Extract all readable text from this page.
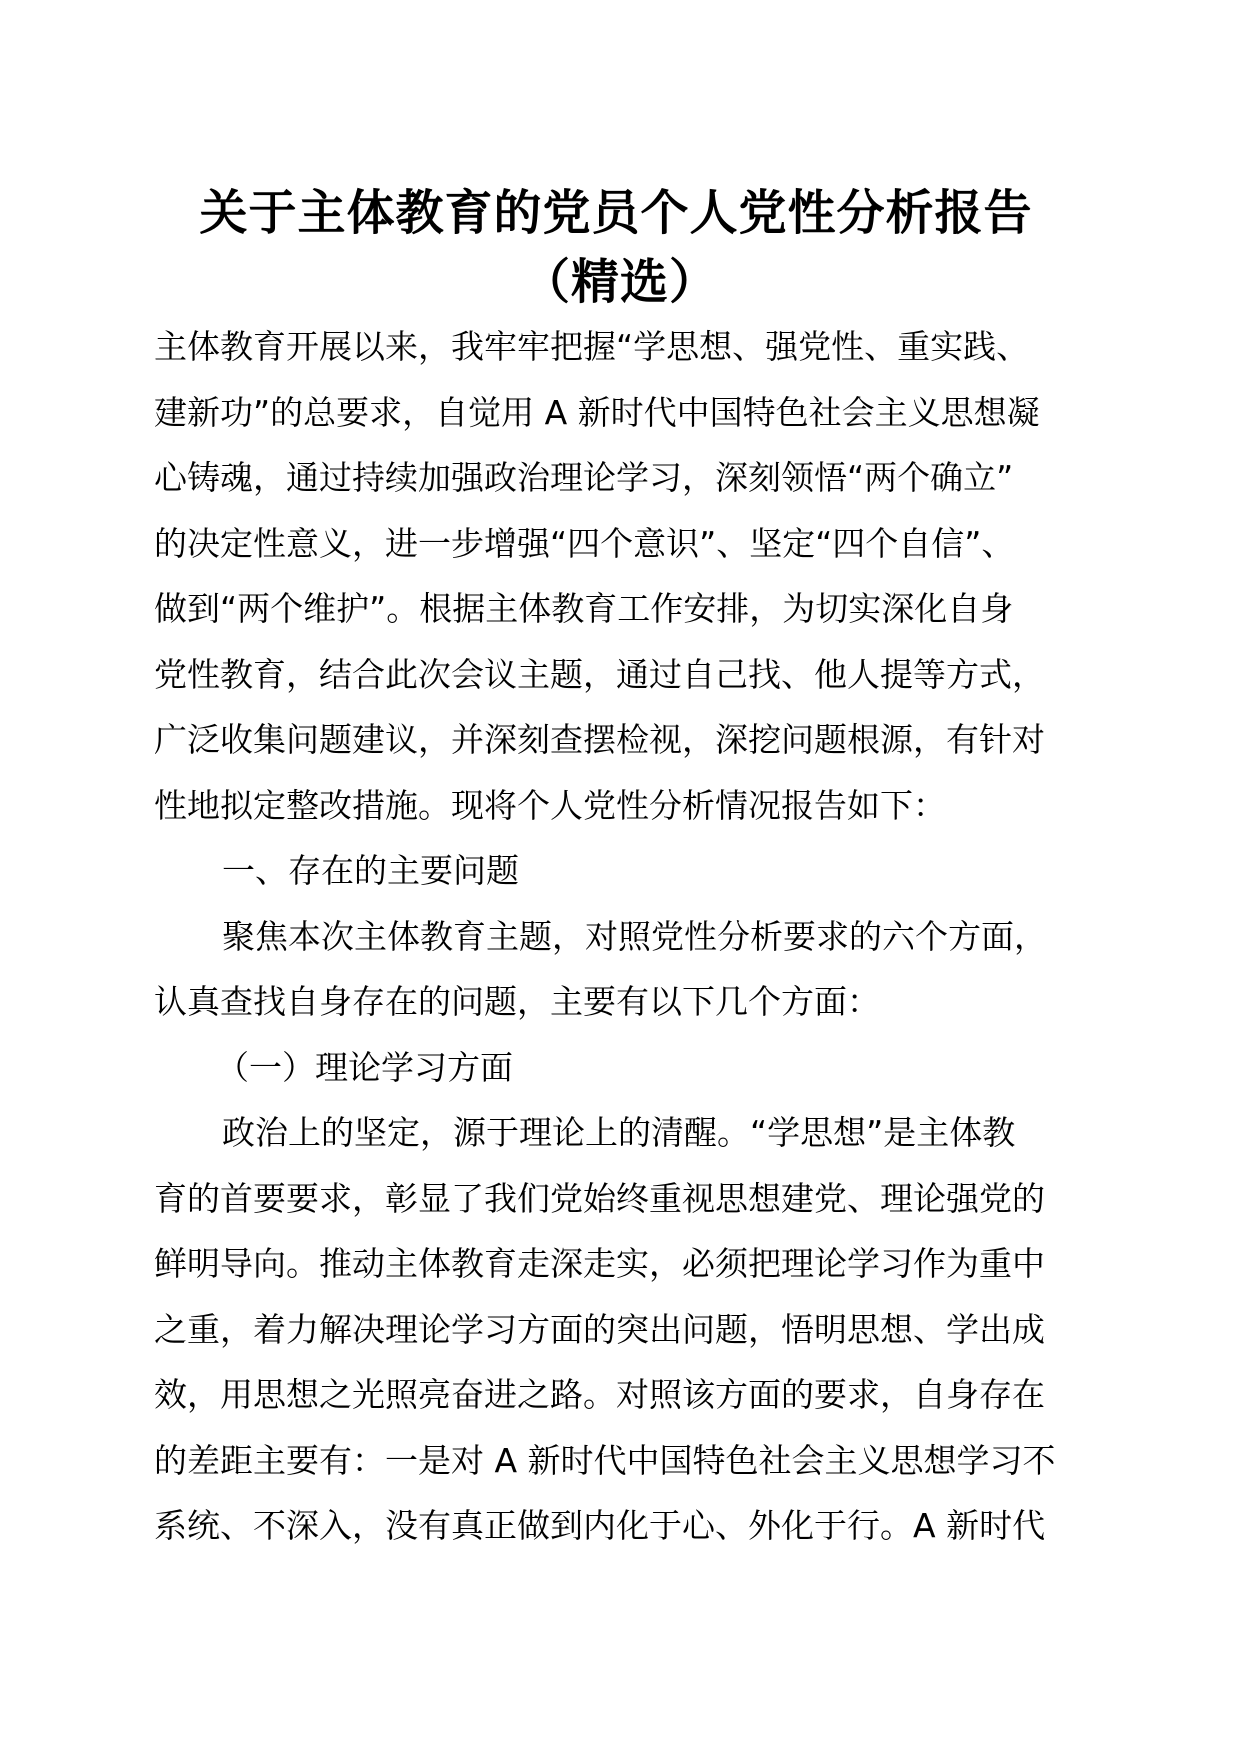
关于主体教育的党员个人党性分析报告
（精选）
主体教育开展以来，我牢牢把握“学思想、强党性、重实践、
建新功”的总要求，自觉用 A 新时代中国特色社会主义思想凝
心铸魂，通过持续加强政治理论学习，深刻领悟“两个确立”
的决定性意义，进一步增强“四个意识”、坚定“四个自信”、
做到“两个维护”。根据主体教育工作安排，为切实深化自身
党性教育，结合此次会议主题，通过自己找、他人提等方式，
广泛收集问题建议，并深刻查摆检视，深挖问题根源，有针对
性地拟定整改措施。现将个人党性分析情况报告如下：
一、存在的主要问题
聚焦本次主体教育主题，对照党性分析要求的六个方面，
认真查找自身存在的问题，主要有以下几个方面：
（一）理论学习方面
政治上的坚定，源于理论上的清醒。“学思想”是主体教
育的首要要求，彰显了我们党始终重视思想建党、理论强党的
鲜明导向。推动主体教育走深走实，必须把理论学习作为重中
之重，着力解决理论学习方面的突出问题，悟明思想、学出成
效，用思想之光照亮奋进之路。对照该方面的要求，自身存在
的差距主要有：一是对 A 新时代中国特色社会主义思想学习不
系统、不深入，没有真正做到内化于心、外化于行。A 新时代
